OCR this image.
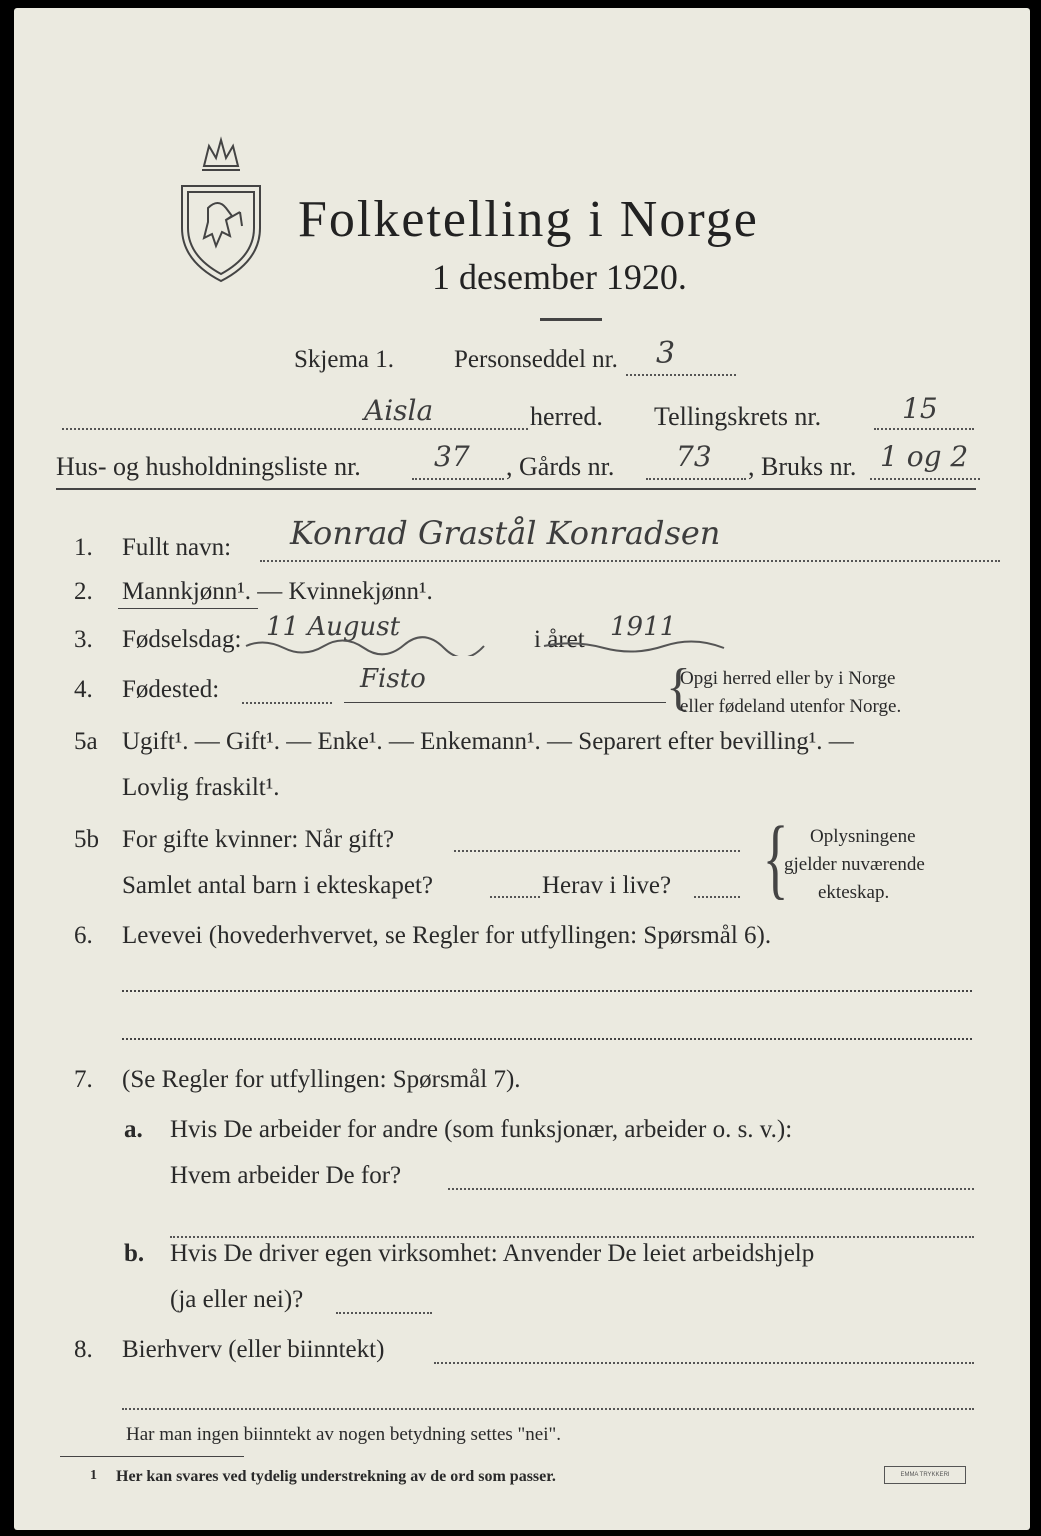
Folketelling i Norge
1 desember 1920.
Skjema 1. Personseddel nr. 3
Aisla	herred. Tellingskrets nr.	15
Hus- og husholdningsliste nr.	37 , Gårds nr. 73 , Bruks nr. 1 og 2
1. Fullt navn: Konrad Grastål Konradsen
2. Mannkjønn¹. — Kvinnekjønn¹.
3. Fødselsdag: 11 August	i året 1911
4. Fødested:	Fisto	{
Opgi herred eller by i Norge
eller fødeland utenfor Norge.
5a Ugift¹. — Gift¹. — Enke¹. — Enkemann¹. — Separert efter bevilling¹. —
Lovlig fraskilt¹.
5b For gifte kvinner: Når gift?
Samlet antal barn i ekteskapet?	Herav i live? { Oplysningene
gjelder nuværende
ekteskap.
6. Levevei (hovederhvervet, se Regler for utfyllingen: Spørsmål 6).
7. (Se Regler for utfyllingen: Spørsmål 7).
a. Hvis De arbeider for andre (som funksjonær, arbeider o. s. v.):
Hvem arbeider De for?
b. Hvis De driver egen virksomhet: Anvender De leiet arbeidshjelp
(ja eller nei)?
8. Bierhverv (eller biinntekt)
Har man ingen biinntekt av nogen betydning settes "nei".
1 Her kan svares ved tydelig understrekning av de ord som passer.	EMMA TRYKKERI
